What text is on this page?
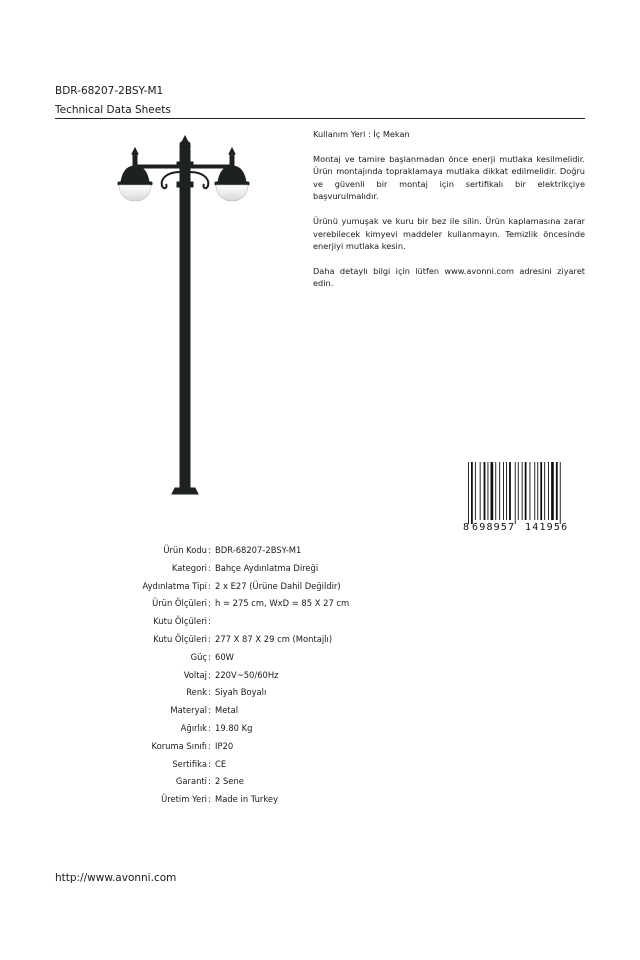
BDR-68207-2BSY-M1
Technical Data Sheets

Kullanım Yeri : İç Mekan

Montaj ve tamire başlanmadan önce enerji mutlaka kesilmelidir. Ürün montajında topraklamaya mutlaka dikkat edilmelidir. Doğru ve güvenli bir montaj için sertifikalı bir elektrikçiye başvurulmalıdır.

Ürünü yumuşak ve kuru bir bez ile silin. Ürün kaplamasına zarar verebilecek kimyevi maddeler kullanmayın. Temizlik öncesinde enerjiyi mutlaka kesin.

Daha detaylı bilgi için lütfen www.avonni.com adresini ziyaret edin.

8 698957 141956
Ürün Kodu : BDR-68207-2BSY-M1
Kategori : Bahçe Aydınlatma Direği
Aydınlatma Tipi : 2 x E27 (Ürüne Dahil Değildir)
Ürün Ölçüleri : h = 275 cm, WxD = 85 X 27 cm
Kutu Ölçüleri :
Kutu Ölçüleri : 277 X 87 X 29 cm (Montajlı)
Güç : 60W
Voltaj : 220V~50/60Hz
Renk : Siyah Boyalı
Materyal : Metal
Ağırlık : 19.80 Kg
Koruma Sınıfı : IP20
Sertifika : CE
Garanti : 2 Sene
Üretim Yeri : Made in Turkey
http://www.avonni.com
